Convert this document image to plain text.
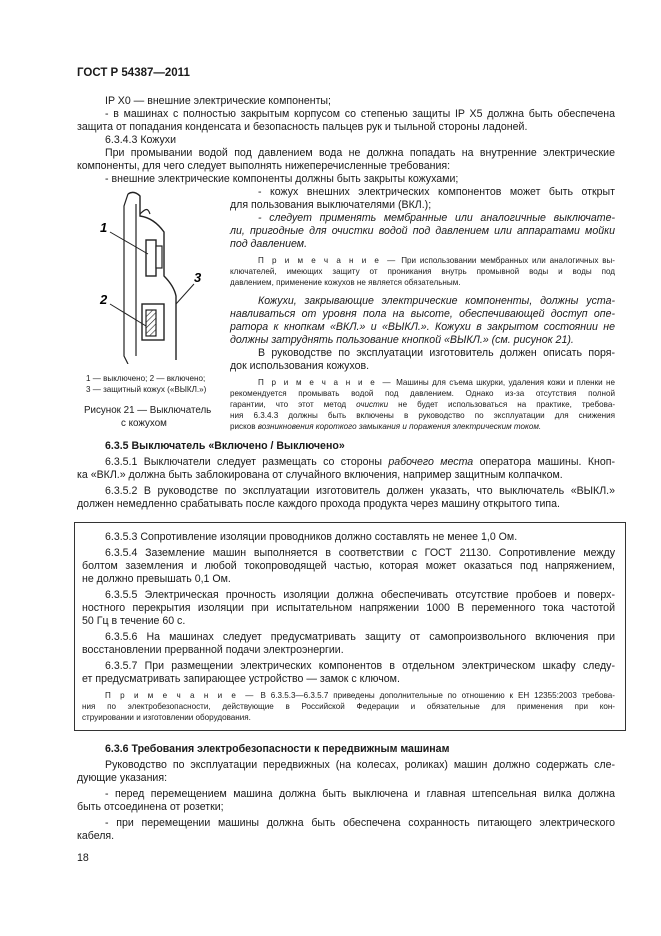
ГОСТ Р 54387—2011
IP X0 — внешние электрические компоненты;
- в машинах с полностью закрытым корпусом со степенью защиты IP X5 должна быть обеспечена
защита от попадания конденсата и безопасность пальцев рук и тыльной стороны ладоней.
6.3.4.3 Кожухи
При промывании водой под давлением вода не должна попадать на внутренние электрические
компоненты, для чего следует выполнять нижеперечисленные требования:
- внешние электрические компоненты должны быть закрыты кожухами;
- кожух внешних электрических компонентов может быть открыт
для пользования выключателями (ВКЛ.);
- следует применять мембранные или аналогичные выключате-
ли, пригодные для очистки водой под давлением или аппаратами мойки
под давлением.
П р и м е ч а н и е — При использовании мембранных или аналогичных вы-
ключателей, имеющих защиту от проникания внутрь промывной воды и воды под
давлением, применение кожухов не является обязательным.
Кожухи, закрывающие электрические компоненты, должны уста-
навливаться от уровня пола на высоте, обеспечивающей доступ опе-
ратора к кнопкам «ВКЛ.» и «ВЫКЛ.». Кожухи в закрытом состоянии не
должны затруднять пользование кнопкой «ВЫКЛ.» (см. рисунок 21).
В руководстве по эксплуатации изготовитель должен описать поря-
док использования кожухов.
П р и м е ч а н и е — Машины для съема шкурки, удаления кожи и пленки не
рекомендуется промывать водой под давлением. Однако из-за отсутствия полной
гарантии, что этот метод очистки не будет использоваться на практике, требова-
ния 6.3.4.3 должны быть включены в руководство по эксплуатации для снижения
рисков возникновения короткого замыкания и поражения электрическим током.
1
2
3
1 — выключено; 2 — включено;
3 — защитный кожух («ВЫКЛ.»)
Рисунок 21 — Выключатель
с кожухом
6.3.5 Выключатель «Включено / Выключено»
6.3.5.1 Выключатели следует размещать со стороны рабочего места оператора машины. Кноп-
ка «ВКЛ.» должна быть заблокирована от случайного включения, например защитным колпачком.
6.3.5.2 В руководстве по эксплуатации изготовитель должен указать, что выключатель «ВЫКЛ.»
должен немедленно срабатывать после каждого прохода продукта через машину открытого типа.
6.3.5.3 Сопротивление изоляции проводников должно составлять не менее 1,0 Ом.
6.3.5.4 Заземление машин выполняется в соответствии с ГОСТ 21130. Сопротивление между
болтом заземления и любой токопроводящей частью, которая может оказаться под напряжением,
не должно превышать 0,1 Ом.
6.3.5.5 Электрическая прочность изоляции должна обеспечивать отсутствие пробоев и поверх-
ностного перекрытия изоляции при испытательном напряжении 1000 В переменного тока частотой
50 Гц в течение 60 с.
6.3.5.6 На машинах следует предусматривать защиту от самопроизвольного включения при
восстановлении прерванной подачи электроэнергии.
6.3.5.7 При размещении электрических компонентов в отдельном электрическом шкафу следу-
ет предусматривать запирающее устройство — замок с ключом.
П р и м е ч а н и е — В 6.3.5.3—6.3.5.7 приведены дополнительные по отношению к ЕН 12355:2003 требова-
ния по электробезопасности, действующие в Российской Федерации и обязательные для применения при кон-
струировании и изготовлении оборудования.
6.3.6 Требования электробезопасности к передвижным машинам
Руководство по эксплуатации передвижных (на колесах, роликах) машин должно содержать сле-
дующие указания:
- перед перемещением машина должна быть выключена и главная штепсельная вилка должна
быть отсоединена от розетки;
- при перемещении машины должна быть обеспечена сохранность питающего электрического
кабеля.
18
